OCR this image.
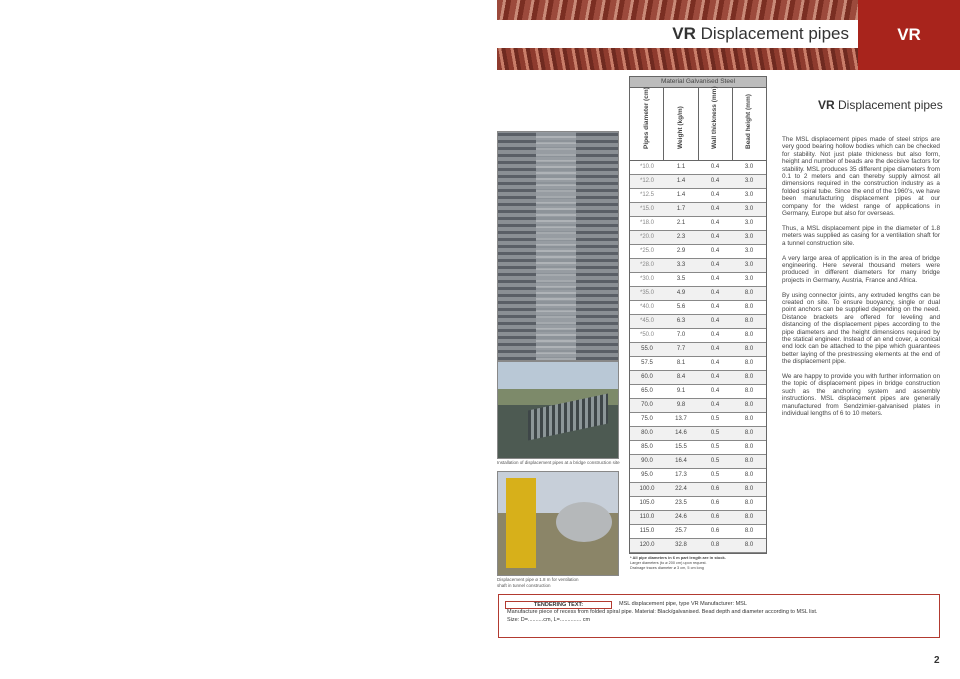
VR Displacement pipes	VR
Installation of displacement pipes at a bridge construction site
Displacement pipe ø 1.8 m for ventilation shaft in tunnel construction
Material Galvanised Steel
Pipes diameter (cm)	Weight (kg/m)	Wall thickness (mm)	Bead height (mm)
*10.0	1.1	0.4	3.0
*12.0	1.4	0.4	3.0
*12.5	1.4	0.4	3.0
*15.0	1.7	0.4	3.0
*18.0	2.1	0.4	3.0
*20.0	2.3	0.4	3.0
*25.0	2.9	0.4	3.0
*28.0	3.3	0.4	3.0
*30.0	3.5	0.4	3.0
*35.0	4.9	0.4	8.0
*40.0	5.6	0.4	8.0
*45.0	6.3	0.4	8.0
*50.0	7.0	0.4	8.0
55.0	7.7	0.4	8.0
57.5	8.1	0.4	8.0
60.0	8.4	0.4	8.0
65.0	9.1	0.4	8.0
70.0	9.8	0.4	8.0
75.0	13.7	0.5	8.0
80.0	14.6	0.5	8.0
85.0	15.5	0.5	8.0
90.0	16.4	0.5	8.0
95.0	17.3	0.5	8.0
100.0	22.4	0.6	8.0
105.0	23.5	0.6	8.0
110.0	24.6	0.6	8.0
115.0	25.7	0.6	8.0
120.0	32.8	0.8	8.0
* All pipe diameters in 6 m part length are in stock.
Larger diameters (to ø 200 cm) upon request.
Drainage traces diameter ø 3 cm, 5 cm long
VR Displacement pipes

The MSL displacement pipes made of steel strips are very good bearing hollow bodies which can be checked for stability. Not just plate thickness but also form, height and number of beads are the decisive factors for stability. MSL produces 35 different pipe diameters from 0.1 to 2 meters and can thereby supply almost all dimensions required in the construction industry as a folded spiral tube. Since the end of the 1960's, we have been manufacturing displacement pipes at our company for the widest range of applications in Germany, Europe but also for overseas.

Thus, a MSL displacement pipe in the diameter of 1.8 meters was supplied as casing for a ventilation shaft for a tunnel construction site.

A very large area of application is in the area of bridge engineering. Here several thousand meters were produced in different diameters for many bridge projects in Germany, Austria, France and Africa.

By using connector joints, any extruded lengths can be created on site. To ensure buoyancy, single or dual point anchors can be supplied depending on the need. Distance brackets are offered for leveling and distancing of the displacement pipes according to the pipe diameters and the height dimensions required by the statical engineer. Instead of an end cover, a conical end lock can be attached to the pipe which guarantees better laying of the prestressing elements at the end of the displacement pipe.

We are happy to provide you with further information on the topic of displacement pipes in bridge construction such as the anchoring system and assembly instructions. MSL displacement pipes are generally manufactured from Sendzimier-galvanised plates in individual lengths of 6 to 10 meters.

TENDERING TEXT:	MSL displacement pipe, type VR Manufacturer: MSL
Manufacture piece of recess from folded spiral pipe. Material: Black/galvanised. Bead depth and diameter according to MSL list.
Size: D=..........cm, L=.............. cm
2
